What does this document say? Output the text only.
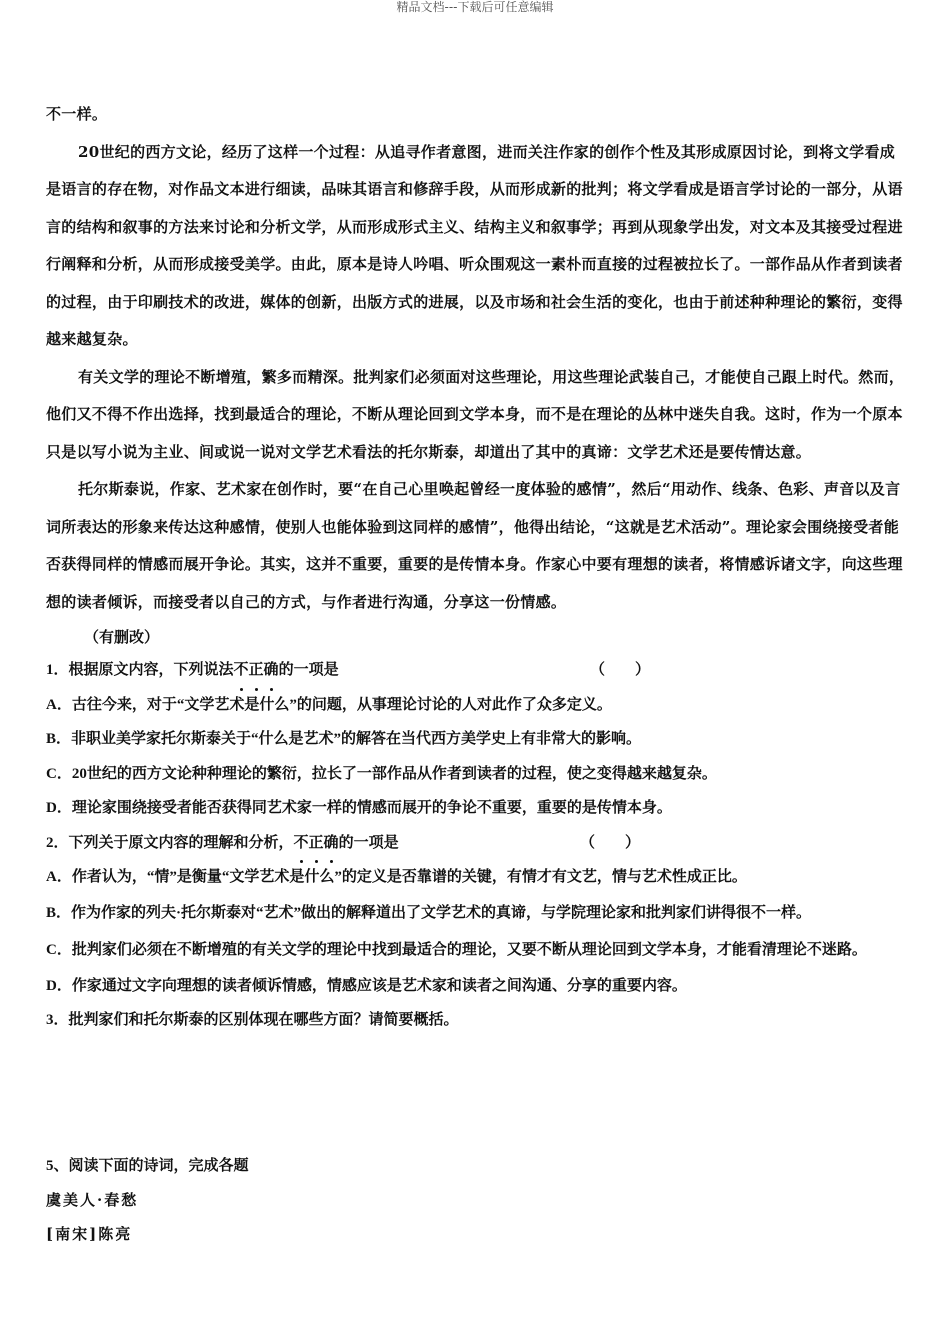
精品文档---下载后可任意编辑

不一样。

20世纪的西方文论，经历了这样一个过程：从追寻作者意图，进而关注作家的创作个性及其形成原因讨论，到将文学看成是语言的存在物，对作品文本进行细读，品味其语言和修辞手段，从而形成新的批判；将文学看成是语言学讨论的一部分，从语言的结构和叙事的方法来讨论和分析文学，从而形成形式主义、结构主义和叙事学；再到从现象学出发，对文本及其接受过程进行阐释和分析，从而形成接受美学。由此，原本是诗人吟唱、听众围观这一素朴而直接的过程被拉长了。一部作品从作者到读者的过程，由于印刷技术的改进，媒体的创新，出版方式的进展，以及市场和社会生活的变化，也由于前述种种理论的繁衍，变得越来越复杂。

有关文学的理论不断增殖，繁多而精深。批判家们必须面对这些理论，用这些理论武装自己，才能使自己跟上时代。然而，他们又不得不作出选择，找到最适合的理论，不断从理论回到文学本身，而不是在理论的丛林中迷失自我。这时，作为一个原本只是以写小说为主业、间或说一说对文学艺术看法的托尔斯泰，却道出了其中的真谛：文学艺术还是要传情达意。

托尔斯泰说，作家、艺术家在创作时，要“在自己心里唤起曾经一度体验的感情”，然后“用动作、线条、色彩、声音以及言词所表达的形象来传达这种感情，使别人也能体验到这同样的感情”，他得出结论，“这就是艺术活动”。理论家会围绕接受者能否获得同样的情感而展开争论。其实，这并不重要，重要的是传情本身。作家心中要有理想的读者，将情感诉诸文字，向这些理想的读者倾诉，而接受者以自己的方式，与作者进行沟通，分享这一份情感。

（有删改）

1．根据原文内容，下列说法不正确的一项是	（　　）

A．古往今来，对于“文学艺术是什么”的问题，从事理论讨论的人对此作了众多定义。

B．非职业美学家托尔斯泰关于“什么是艺术”的解答在当代西方美学史上有非常大的影响。

C．20世纪的西方文论种种理论的繁衍，拉长了一部作品从作者到读者的过程，使之变得越来越复杂。

D．理论家围绕接受者能否获得同艺术家一样的情感而展开的争论不重要，重要的是传情本身。

2．下列关于原文内容的理解和分析，不正确的一项是	（　　）

A．作者认为，“情”是衡量“文学艺术是什么”的定义是否靠谱的关键，有情才有文艺，情与艺术性成正比。

B．作为作家的列夫·托尔斯泰对“艺术”做出的解释道出了文学艺术的真谛，与学院理论家和批判家们讲得很不一样。

C．批判家们必须在不断增殖的有关文学的理论中找到最适合的理论，又要不断从理论回到文学本身，才能看清理论不迷路。

D．作家通过文字向理想的读者倾诉情感，情感应该是艺术家和读者之间沟通、分享的重要内容。

3．批判家们和托尔斯泰的区别体现在哪些方面？请简要概括。

5、阅读下面的诗词，完成各题

虞美人·春愁

[南宋]陈亮
